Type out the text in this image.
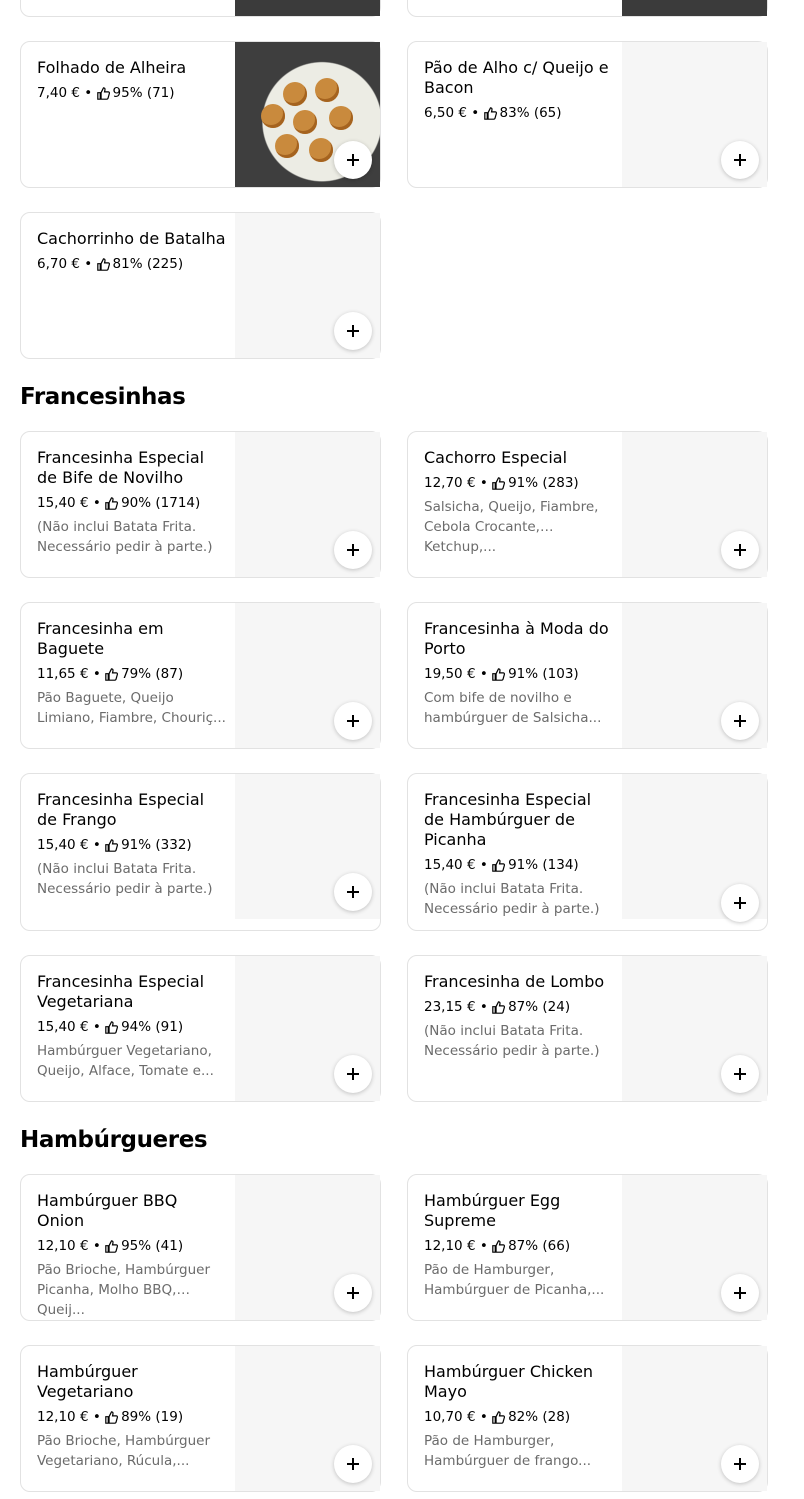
Folhado de Alheira

7,40 €
•
95% (71)

Pão de Alho c/ Queijo e Bacon

6,50 €
•
83% (65)

Cachorrinho de Batalha

6,70 €
•
81% (225)
Francesinhas

Francesinha Especial de Bife de Novilho

15,40 €
•
90% (1714)
(Não inclui Batata Frita. Necessário pedir à parte.)

Cachorro Especial

12,70 €
•
91% (283)
Salsicha, Queijo, Fiambre, Cebola Crocante, Ketchup,...

Francesinha em Baguete

11,65 €
•
79% (87)
Pão Baguete, Queijo Limiano, Fiambre, Chouriç...

Francesinha à Moda do Porto

19,50 €
•
91% (103)
Com bife de novilho e hambúrguer de Salsicha...

Francesinha Especial de Frango

15,40 €
•
91% (332)
(Não inclui Batata Frita. Necessário pedir à parte.)

Francesinha Especial de Hambúrguer de Picanha

15,40 €
•
91% (134)
(Não inclui Batata Frita. Necessário pedir à parte.)

Francesinha Especial Vegetariana

15,40 €
•
94% (91)
Hambúrguer Vegetariano, Queijo, Alface, Tomate e...

Francesinha de Lombo

23,15 €
•
87% (24)
(Não inclui Batata Frita. Necessário pedir à parte.)
Hambúrgueres

Hambúrguer BBQ Onion

12,10 €
•
95% (41)
Pão Brioche, Hambúrguer Picanha, Molho BBQ, Queij...

Hambúrguer Egg Supreme

12,10 €
•
87% (66)
Pão de Hamburger, Hambúrguer de Picanha,...

Hambúrguer Vegetariano

12,10 €
•
89% (19)
Pão Brioche, Hambúrguer Vegetariano, Rúcula,...

Hambúrguer Chicken Mayo

10,70 €
•
82% (28)
Pão de Hamburger, Hambúrguer de frango...
